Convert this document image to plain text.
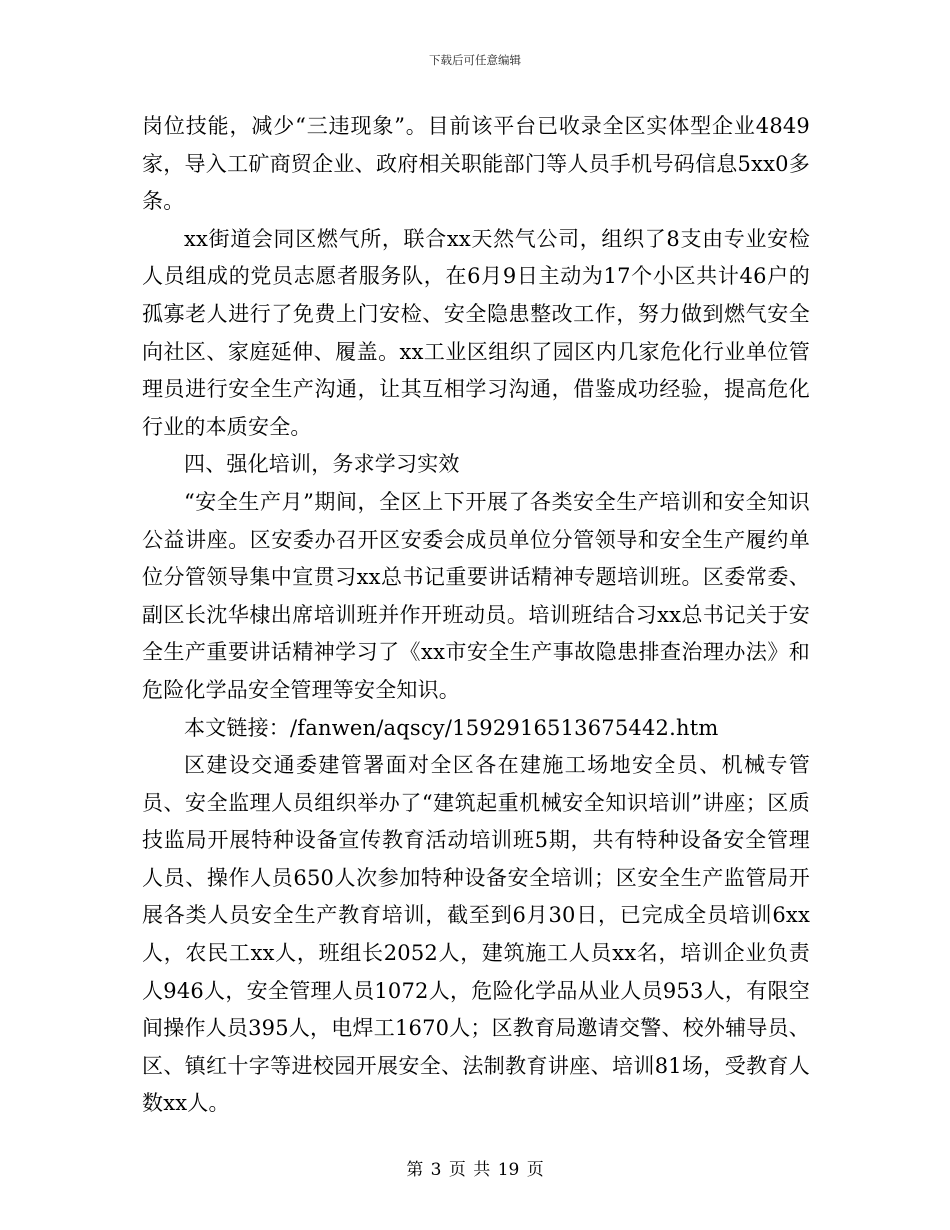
下载后可任意编辑

岗位技能，减少“三违现象”。目前该平台已收录全区实体型企业4849家，导入工矿商贸企业、政府相关职能部门等人员手机号码信息5xx0多条。

xx街道会同区燃气所，联合xx天然气公司，组织了8支由专业安检人员组成的党员志愿者服务队，在6月9日主动为17个小区共计46户的孤寡老人进行了免费上门安检、安全隐患整改工作，努力做到燃气安全向社区、家庭延伸、履盖。xx工业区组织了园区内几家危化行业单位管理员进行安全生产沟通，让其互相学习沟通，借鉴成功经验，提高危化行业的本质安全。

四、强化培训，务求学习实效

“安全生产月”期间，全区上下开展了各类安全生产培训和安全知识公益讲座。区安委办召开区安委会成员单位分管领导和安全生产履约单位分管领导集中宣贯习xx总书记重要讲话精神专题培训班。区委常委、副区长沈华棣出席培训班并作开班动员。培训班结合习xx总书记关于安全生产重要讲话精神学习了《xx市安全生产事故隐患排查治理办法》和危险化学品安全管理等安全知识。

本文链接：/fanwen/aqscy/1592916513675442.htm

区建设交通委建管署面对全区各在建施工场地安全员、机械专管员、安全监理人员组织举办了“建筑起重机械安全知识培训”讲座；区质技监局开展特种设备宣传教育活动培训班5期，共有特种设备安全管理人员、操作人员650人次参加特种设备安全培训；区安全生产监管局开展各类人员安全生产教育培训，截至到6月30日，已完成全员培训6xx人，农民工xx人，班组长2052人，建筑施工人员xx名，培训企业负责人946人，安全管理人员1072人，危险化学品从业人员953人，有限空间操作人员395人，电焊工1670人；区教育局邀请交警、校外辅导员、区、镇红十字等进校园开展安全、法制教育讲座、培训81场，受教育人数xx人。

第 3 页 共 19 页
